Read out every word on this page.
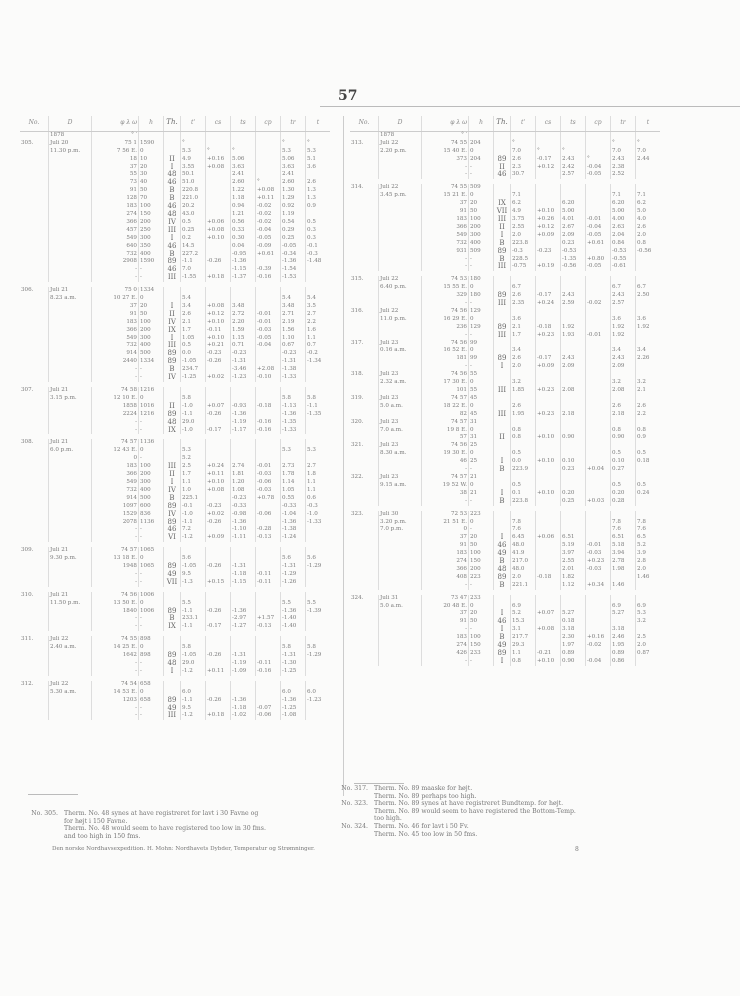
57
No.	D	φ λ ω	h	Th.	t'	cs	ts	cp	tr	t
	1878	° ′								
305.	Juli 20	75 1	1590		°				°	°
	11.30 p.m.	7 56 E.	0		5.3	°	°		5.3	5.3
		18	10	II	4.9	+0.16	5.06		5.06	5.1
		37	20	I	3.55	+0.08	3.63		3.63	3.6
		55	30	48	50.1		2.41		2.41	
		73	40	46	51.0		2.60	°	2.60	2.6
		91	50	B	220.8		1.22	+0.08	1.30	1.3
		128	70	B	221.0		1.18	+0.11	1.29	1.3
		183	100	46	20.2		0.94	-0.02	0.92	0.9
		274	150	48	43.0		1.21	-0.02	1.19	
		366	200	IV	0.5	+0.06	0.56	-0.02	0.54	0.5
		457	250	III	0.25	+0.08	0.33	-0.04	0.29	0.3
		549	300	I	0.2	+0.10	0.30	-0.05	0.25	0.3
		640	350	46	14.5		0.04	-0.09	-0.05	-0.1
		732	400	B	227.2		-0.95	+0.61	-0.34	-0.3
		2908	1590	89	-1.1	-0.26	-1.36		-1.36	-1.48
		-	-	46	7.0		-1.15	-0.39	-1.54	
		-	-	III	-1.55	+0.18	-1.37	-0.16	-1.53	

306.	Juli 21	75 0	1334							
	8.23 a.m.	10 27 E.	0		5.4				5.4	5.4
		37	20	I	3.4	+0.08	3.48		3.48	3.5
		91	50	II	2.6	+0.12	2.72	-0.01	2.71	2.7
		183	100	IV	2.1	+0.10	2.20	-0.01	2.19	2.2
		366	200	IX	1.7	-0.11	1.59	-0.03	1.56	1.6
		549	300	I	1.05	+0.10	1.15	-0.05	1.10	1.1
		732	400	III	0.5	+0.21	0.71	-0.04	0.67	0.7
		914	500	89	0.0	-0.23	-0.23		-0.23	-0.2
		2440	1334	89	-1.05	-0.26	-1.31		-1.31	-1.34
		-	-	B	234.7		-3.46	+2.08	-1.38	
		-	-	IV	-1.25	+0.02	-1.23	-0.10	-1.33	

307.	Juli 21	74 58	1216							
	3.15 p.m.	12 10 E.	0		5.8				5.8	5.8
		1858	1016	II	-1.0	+0.07	-0.93	-0.18	-1.13	-1.1
		2224	1216	89	-1.1	-0.26	-1.36		-1.36	-1.35
		-	-	48	29.0		-1.19	-0.16	-1.35	
		-	-	IX	-1.0	-0.17	-1.17	-0.16	-1.33	

308.	Juli 21	74 57	1136							
	6.0 p.m.	12 43 E.	0		5.3				5.3	5.3
		0	-		5.2					
		183	100	III	2.5	+0.24	2.74	-0.01	2.73	2.7
		366	200	II	1.7	+0.11	1.81	-0.03	1.78	1.8
		549	300	I	1.1	+0.10	1.20	-0.06	1.14	1.1
		732	400	IV	1.0	+0.08	1.08	-0.03	1.05	1.1
		914	500	B	225.1		-0.23	+0.78	0.55	0.6
		1097	600	89	-0.1	-0.23	-0.33		-0.33	-0.3
		1529	836	IV	-1.0	+0.02	-0.98	-0.06	-1.04	-1.0
		2078	1136	89	-1.1	-0.26	-1.36		-1.36	-1.33
		-	-	46	7.2		-1.10	-0.28	-1.38	
		-	-	VI	-1.2	+0.09	-1.11	-0.13	-1.24	

309.	Juli 21	74 57	1065							
	9.30 p.m.	13 18 E.	0		5.6				5.6	5.6
		1948	1065	89	-1.05	-0.26	-1.31		-1.31	-1.29
		-	-	49	9.5		-1.18	-0.11	-1.29	
		-	-	VII	-1.3	+0.15	-1.15	-0.11	-1.26	

310.	Juli 21	74 56	1006							
	11.50 p.m.	13 50 E.	0		5.5				5.5	5.5
		1840	1006	89	-1.1	-0.26	-1.36		-1.36	-1.39
		-	-	B	233.1		-2.97	+1.57	-1.40	
		-	-	IX	-1.1	-0.17	-1.27	-0.13	-1.40	

311.	Juli 22	74 55	898							
	2.40 a.m.	14 25 E.	0		5.8				5.8	5.8
		1642	898	89	-1.05	-0.26	-1.31		-1.31	-1.29
		-	-	48	29.0		-1.19	-0.11	-1.30	
		-	-	I	-1.2	+0.11	-1.09	-0.16	-1.25	

312.	Juli 22	74 54	658							
	5.30 a.m.	14 53 E.	0		6.0				6.0	6.0
		1203	658	89	-1.1	-0.26	-1.36		-1.36	-1.23
		-	-	49	9.5		-1.18	-0.07	-1.25	
		-	-	III	-1.2	+0.18	-1.02	-0.06	-1.08	
No.	D	φ λ ω	h	Th.	t'	cs	ts	cp	tr	t
	1878	° ′								
313.	Juli 22	74 55	204		°				°	°
	2.20 p.m.	15 40 E.	0		7.0	°	°		7.0	7.0
		373	204	89	2.6	-0.17	2.43	°	2.43	2.44
		-	-	II	2.3	+0.12	2.42	-0.04	2.38	
		-	-	46	30.7		2.57	-0.05	2.52	

314.	Juli 22	74 55	509							
	3.45 p.m.	15 21 E.	0		7.1				7.1	7.1
		37	20	IX	6.2		6.20		6.20	6.2
		91	50	VII	4.9	+0.10	5.00		5.00	5.0
		183	100	III	3.75	+0.26	4.01	-0.01	4.00	4.0
		366	200	II	2.55	+0.12	2.67	-0.04	2.63	2.6
		549	300	I	2.0	+0.09	2.09	-0.05	2.04	2.0
		732	400	B	223.8		0.23	+0.61	0.84	0.8
		931	509	89	-0.3	-0.23	-0.53		-0.53	-0.56
		-	-	B	228.5		-1.35	+0.80	-0.55	
		-	-	III	-0.75	+0.19	-0.56	-0.05	-0.61	

315.	Juli 22	74 53	180							
	6.40 p.m.	15 55 E.	0		6.7				6.7	6.7
		329	180	89	2.6	-0.17	2.43		2.43	2.50
		-	-	III	2.35	+0.24	2.59	-0.02	2.57	
316.	Juli 22	74 56	129							
	11.0 p.m.	16 29 E.	0		3.6				3.6	3.6
		236	129	89	2.1	-0.18	1.92		1.92	1.92
		-	-	III	1.7	+0.23	1.93	-0.01	1.92	
317.	Juli 23	74 56	99							
	0.16 a.m.	16 52 E.	0		3.4				3.4	3.4
		181	99	89	2.6	-0.17	2.43		2.43	2.26
		-	-	I	2.0	+0.09	2.09		2.09	
318.	Juli 23	74 56	55							
	2.32 a.m.	17 30 E.	0		3.2				3.2	3.2
		101	55	III	1.85	+0.23	2.08		2.08	2.1
319.	Juli 23	74 57	45							
	5.0 a.m.	18 22 E.	0		2.6				2.6	2.6
		82	45	III	1.95	+0.23	2.18		2.18	2.2
320.	Juli 23	74 57	31							
	7.0 a.m.	19 8 E.	0		0.8				0.8	0.8
		57	31	II	0.8	+0.10	0.90		0.90	0.9
321.	Juli 23	74 56	25							
	8.30 a.m.	19 30 E.	0		0.5				0.5	0.5
		46	25	I	0.0	+0.10	0.10		0.10	0.18
		-	-	B	223.9		0.23	+0.04	0.27	
322.	Juli 23	74 57	21							
	9.15 a.m.	19 52 W.	0		0.5				0.5	0.5
		38	21	I	0.1	+0.10	0.20		0.20	0.24
		-	-	B	223.8		0.25	+0.03	0.28	

323.	Juli 30	72 53	223							
	3.20 p.m.	21 51 E.	0		7.8				7.8	7.8
	7.0 p.m.	0	-		7.6				7.6	7.6
		37	20	I	6.45	+0.06	6.51		6.51	6.5
		91	50	46	48.0		5.19	-0.01	5.18	5.2
		183	100	49	41.9		3.97	-0.03	3.94	3.9
		274	150	B	217.0		2.55	+0.23	2.78	2.8
		366	200	48	48.0		2.01	-0.03	1.98	2.0
		408	223	89	2.0	-0.18	1.82			1.46
		-	-	B	221.1		1.12	+0.34	1.46	

324.	Juli 31	73 47	233							
	5.0 a.m.	20 48 E.	0		6.9				6.9	6.9
		37	20	I	5.2	+0.07	5.27		5.27	5.3
		91	50	46	15.3		0.18			3.2
		-	-	I	3.1	+0.08	3.18		3.18	
		183	100	B	217.7		2.30	+0.16	2.46	2.5
		274	150	49	29.3		1.97	-0.02	1.95	2.0
		426	233	89	1.1	-0.21	0.89		0.89	0.87
		-	-	I	0.8	+0.10	0.90	-0.04	0.86	
No. 305. Therm. No. 48 synes at have registreret for lavt i 30 Favne og
for højt i 150 Favne.
Therm. No. 48 would seem to have registered too low in 30 fms.
and too high in 150 fms.
No. 317. Therm. No. 89 maaske for højt.
Therm. No. 89 perhaps too high.
No. 323. Therm. No. 89 synes at have registreret Bundtemp. for højt.
Therm. No. 89 would seem to have registered the Bottom-Temp.
too high.
No. 324. Therm. No. 46 for lavt i 50 Fv.
Therm. No. 45 too low in 50 fms.
Den norske Nordhavsexpedition. H. Mohn: Nordhavets Dybder, Temperatur og Strømninger.	8
